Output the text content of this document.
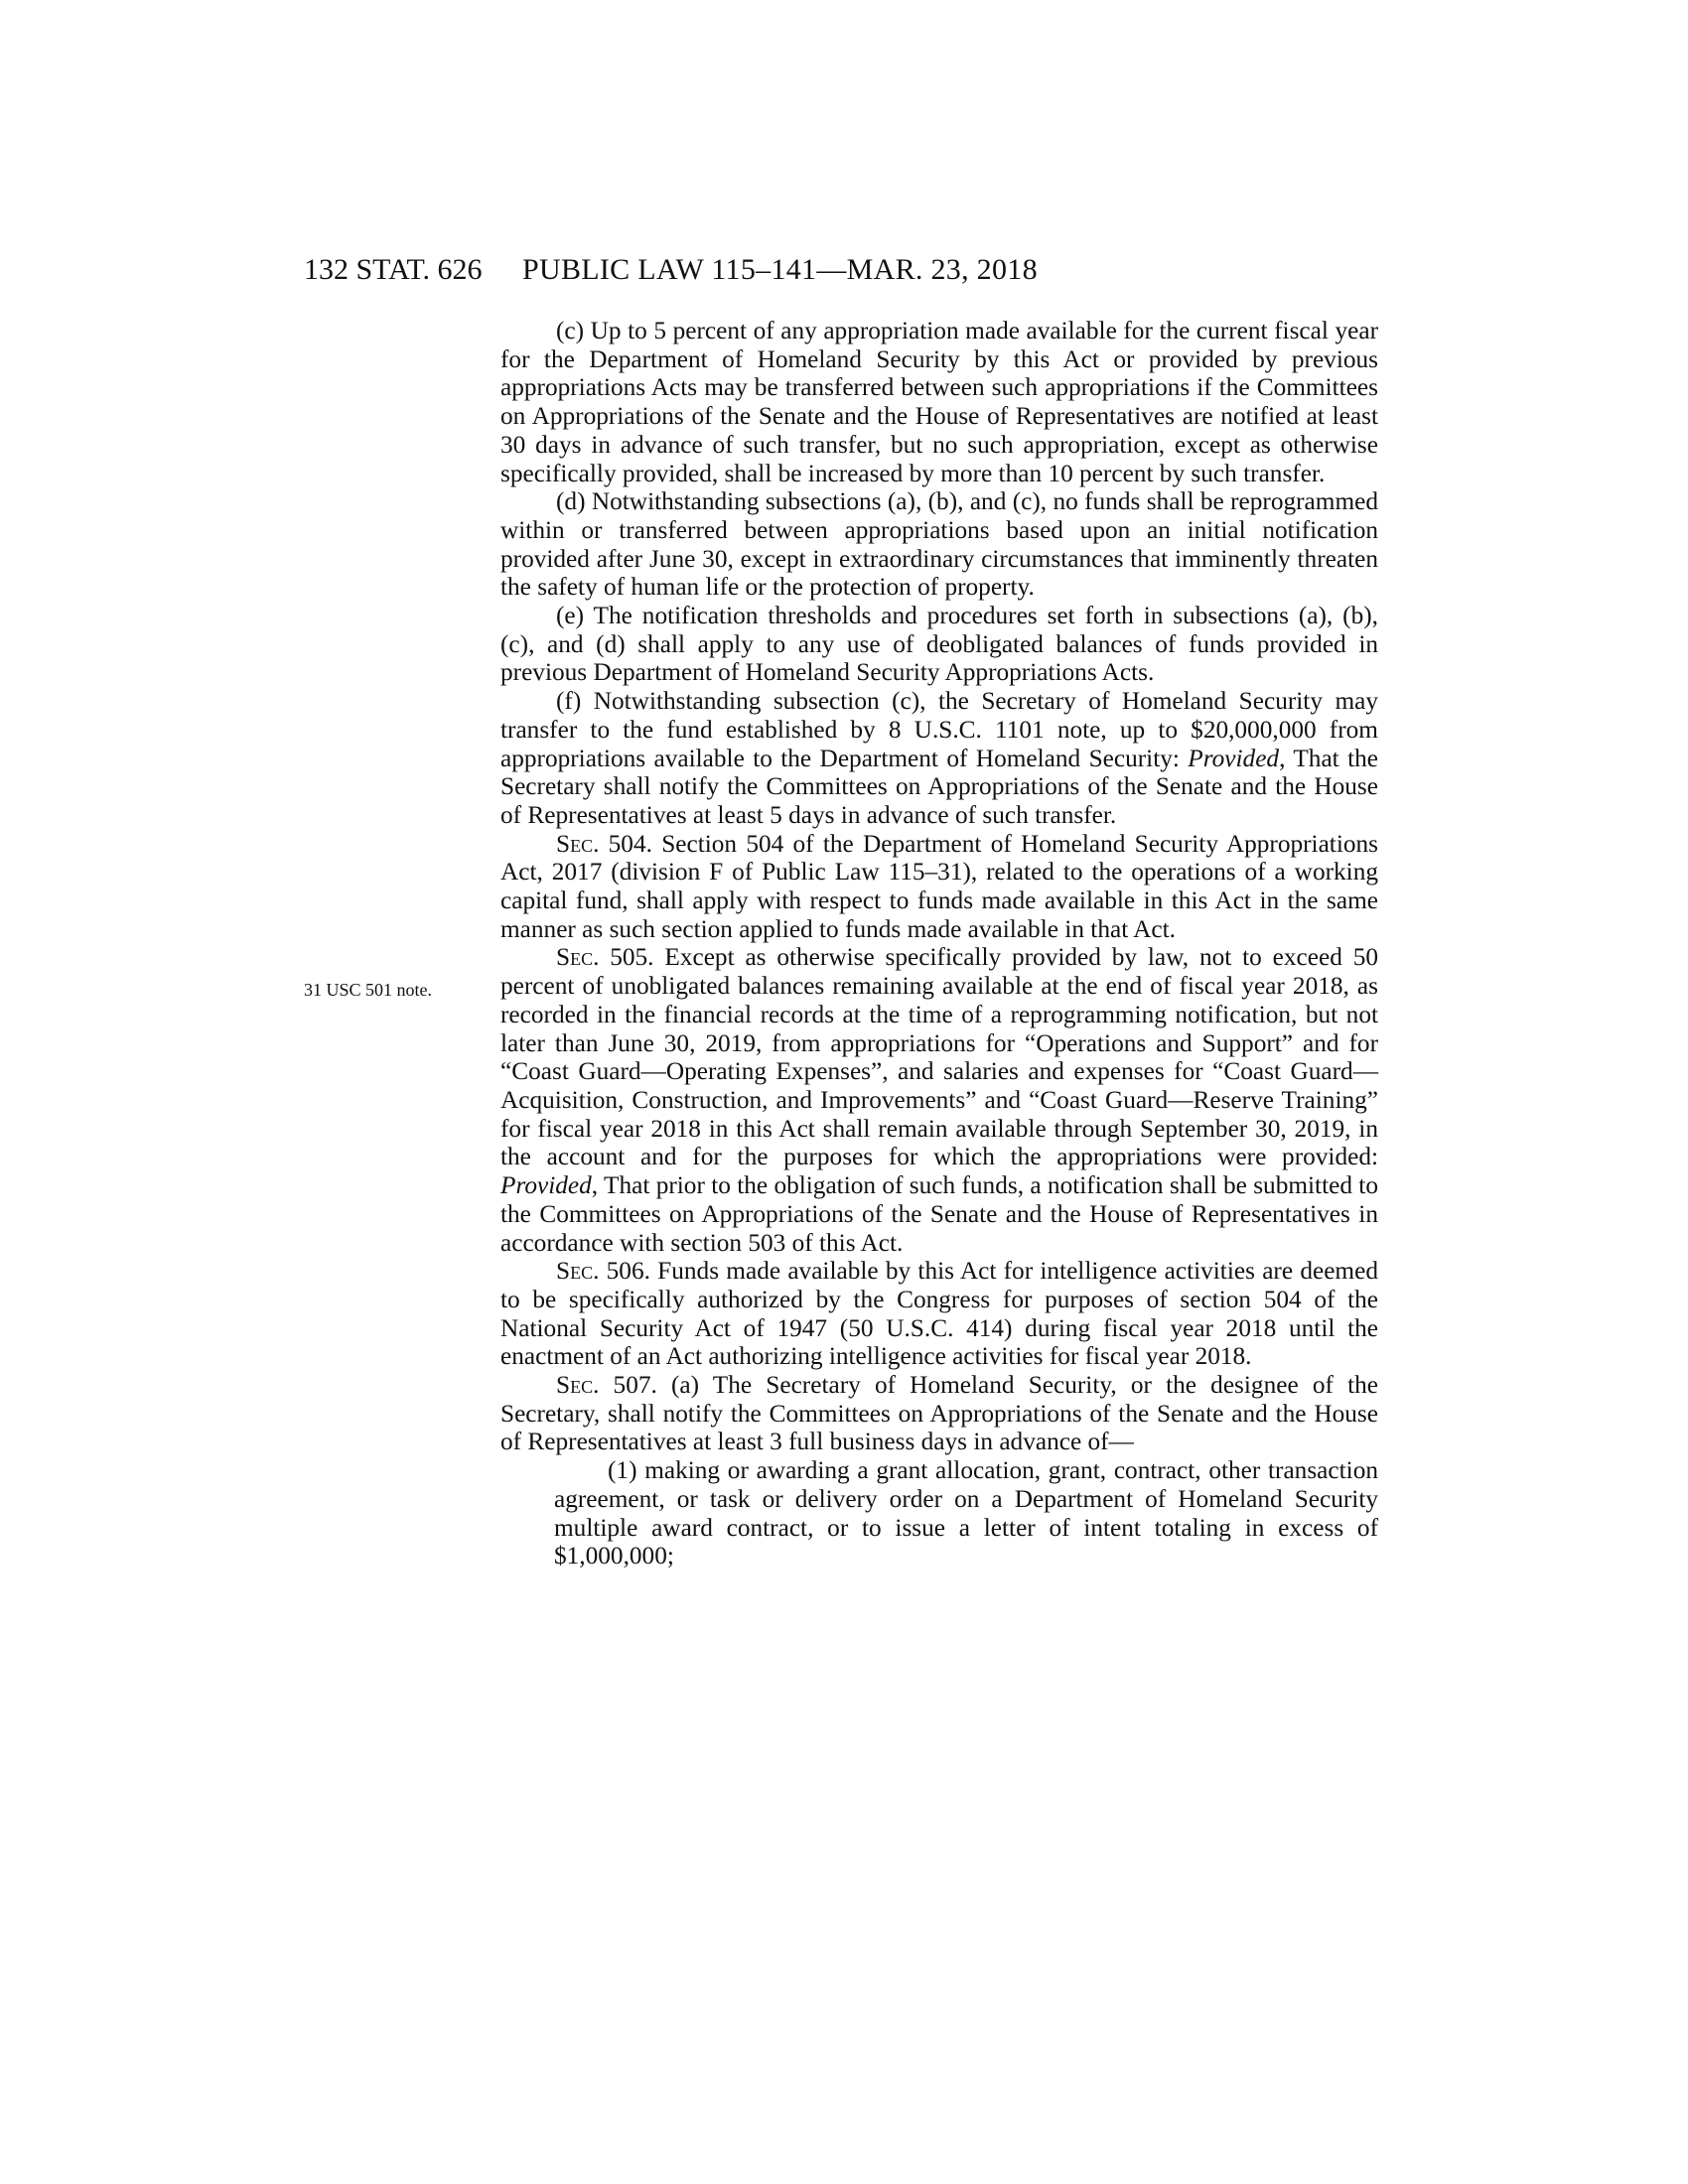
132 STAT. 626 PUBLIC LAW 115–141—MAR. 23, 2018
31 USC 501 note.

(c) Up to 5 percent of any appropriation made available for the current fiscal year for the Department of Homeland Security by this Act or provided by previous appropriations Acts may be transferred between such appropriations if the Committees on Appropriations of the Senate and the House of Representatives are notified at least 30 days in advance of such transfer, but no such appropriation, except as otherwise specifically provided, shall be increased by more than 10 percent by such transfer.

(d) Notwithstanding subsections (a), (b), and (c), no funds shall be reprogrammed within or transferred between appropriations based upon an initial notification provided after June 30, except in extraordinary circumstances that imminently threaten the safety of human life or the protection of property.

(e) The notification thresholds and procedures set forth in subsections (a), (b), (c), and (d) shall apply to any use of deobligated balances of funds provided in previous Department of Homeland Security Appropriations Acts.

(f) Notwithstanding subsection (c), the Secretary of Homeland Security may transfer to the fund established by 8 U.S.C. 1101 note, up to $20,000,000 from appropriations available to the Department of Homeland Security: Provided, That the Secretary shall notify the Committees on Appropriations of the Senate and the House of Representatives at least 5 days in advance of such transfer.

Sec. 504. Section 504 of the Department of Homeland Security Appropriations Act, 2017 (division F of Public Law 115–31), related to the operations of a working capital fund, shall apply with respect to funds made available in this Act in the same manner as such section applied to funds made available in that Act.

Sec. 505. Except as otherwise specifically provided by law, not to exceed 50 percent of unobligated balances remaining available at the end of fiscal year 2018, as recorded in the financial records at the time of a reprogramming notification, but not later than June 30, 2019, from appropriations for “Operations and Support” and for “Coast Guard—Operating Expenses”, and salaries and expenses for “Coast Guard—Acquisition, Construction, and Improvements” and “Coast Guard—Reserve Training” for fiscal year 2018 in this Act shall remain available through September 30, 2019, in the account and for the purposes for which the appropriations were provided: Provided, That prior to the obligation of such funds, a notification shall be submitted to the Committees on Appropriations of the Senate and the House of Representatives in accordance with section 503 of this Act.

Sec. 506. Funds made available by this Act for intelligence activities are deemed to be specifically authorized by the Congress for purposes of section 504 of the National Security Act of 1947 (50 U.S.C. 414) during fiscal year 2018 until the enactment of an Act authorizing intelligence activities for fiscal year 2018.

Sec. 507. (a) The Secretary of Homeland Security, or the designee of the Secretary, shall notify the Committees on Appropriations of the Senate and the House of Representatives at least 3 full business days in advance of—

(1) making or awarding a grant allocation, grant, contract, other transaction agreement, or task or delivery order on a Department of Homeland Security multiple award contract, or to issue a letter of intent totaling in excess of $1,000,000;
